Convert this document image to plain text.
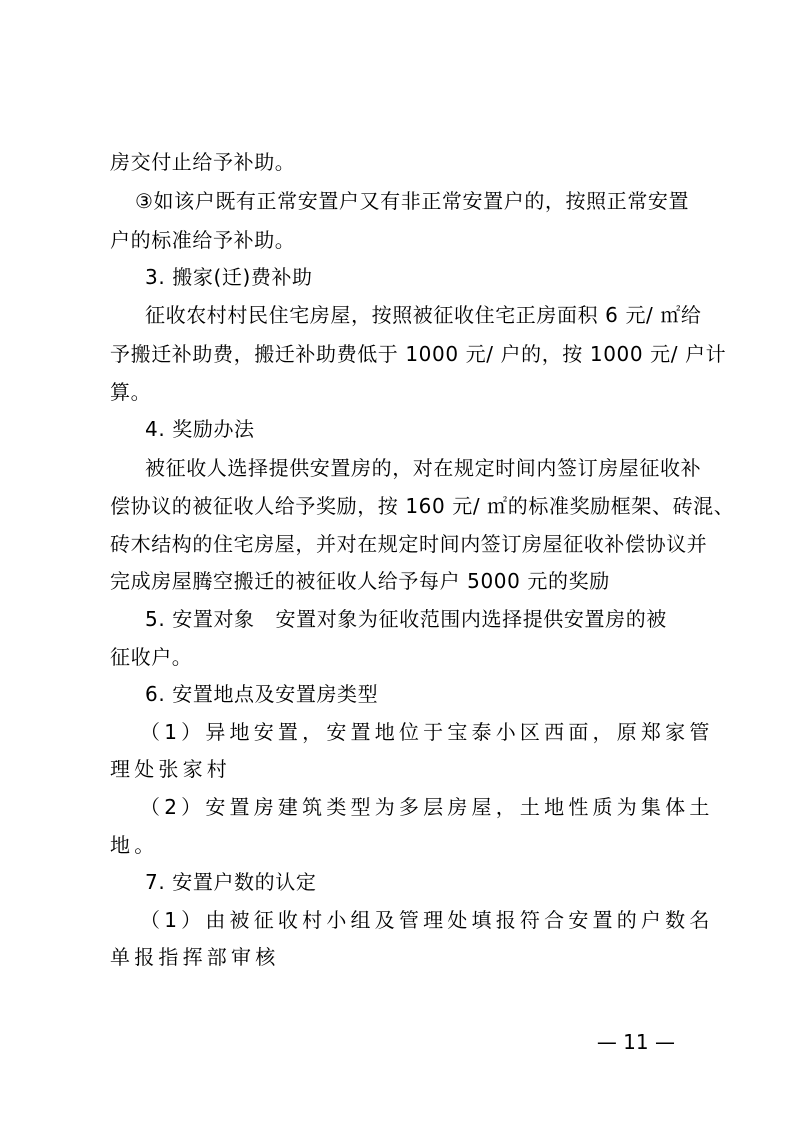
房交付止给予补助。
③如该户既有正常安置户又有非正常安置户的，按照正常安置
户的标准给予补助。
3. 搬家(迁)费补助
征收农村村民住宅房屋，按照被征收住宅正房面积 6 元/ ㎡给
予搬迁补助费，搬迁补助费低于 1000 元/ 户的，按 1000 元/ 户计
算。
4. 奖励办法
被征收人选择提供安置房的，对在规定时间内签订房屋征收补
偿协议的被征收人给予奖励，按 160 元/ ㎡的标准奖励框架、砖混、
砖木结构的住宅房屋，并对在规定时间内签订房屋征收补偿协议并
完成房屋腾空搬迁的被征收人给予每户 5000 元的奖励
5. 安置对象   安置对象为征收范围内选择提供安置房的被
征收户。
6. 安置地点及安置房类型
（1）异地安置，安置地位于宝泰小区西面，原郑家管
理处张家村
（2）安置房建筑类型为多层房屋，土地性质为集体土
地。
7. 安置户数的认定
（1）由被征收村小组及管理处填报符合安置的户数名
单报指挥部审核
— 11 —
